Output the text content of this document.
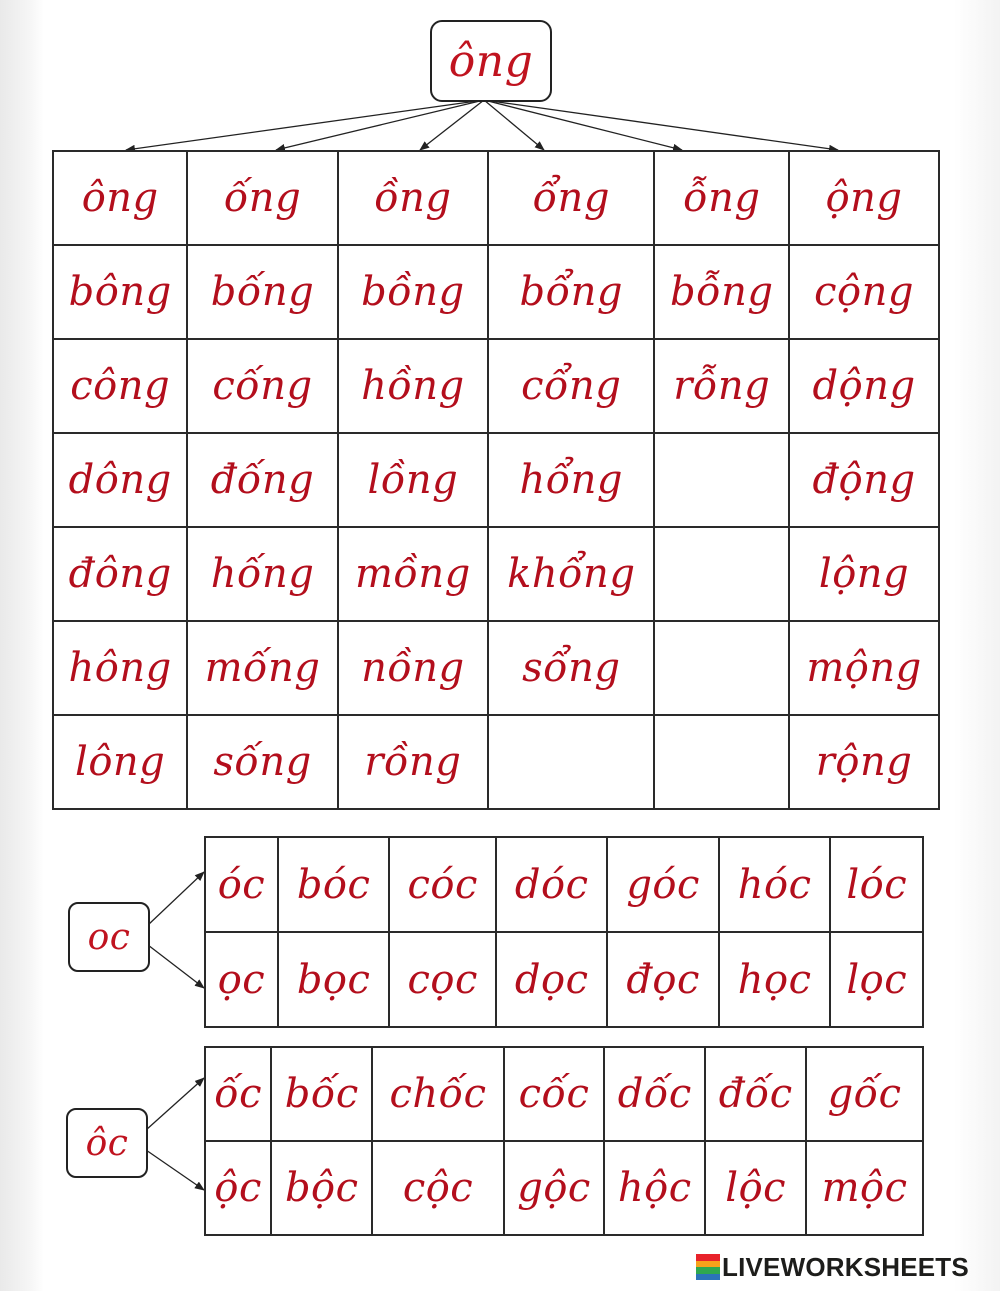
ông
ông	ống	ồng	ổng	ỗng	ộng
bông	bống	bồng	bổng	bỗng	cộng
công	cống	hồng	cổng	rỗng	dộng
dông	đống	lồng	hổng		động
đông	hống	mồng	khổng		lộng
hông	mống	nồng	sổng		mộng
lông	sống	rồng			rộng
oc
óc	bóc	cóc	dóc	góc	hóc	lóc
ọc	bọc	cọc	dọc	đọc	học	lọc
ôc
ốc	bốc	chốc	cốc	dốc	đốc	gốc
ộc	bộc	cộc	gộc	hộc	lộc	mộc
LIVEWORKSHEETS
